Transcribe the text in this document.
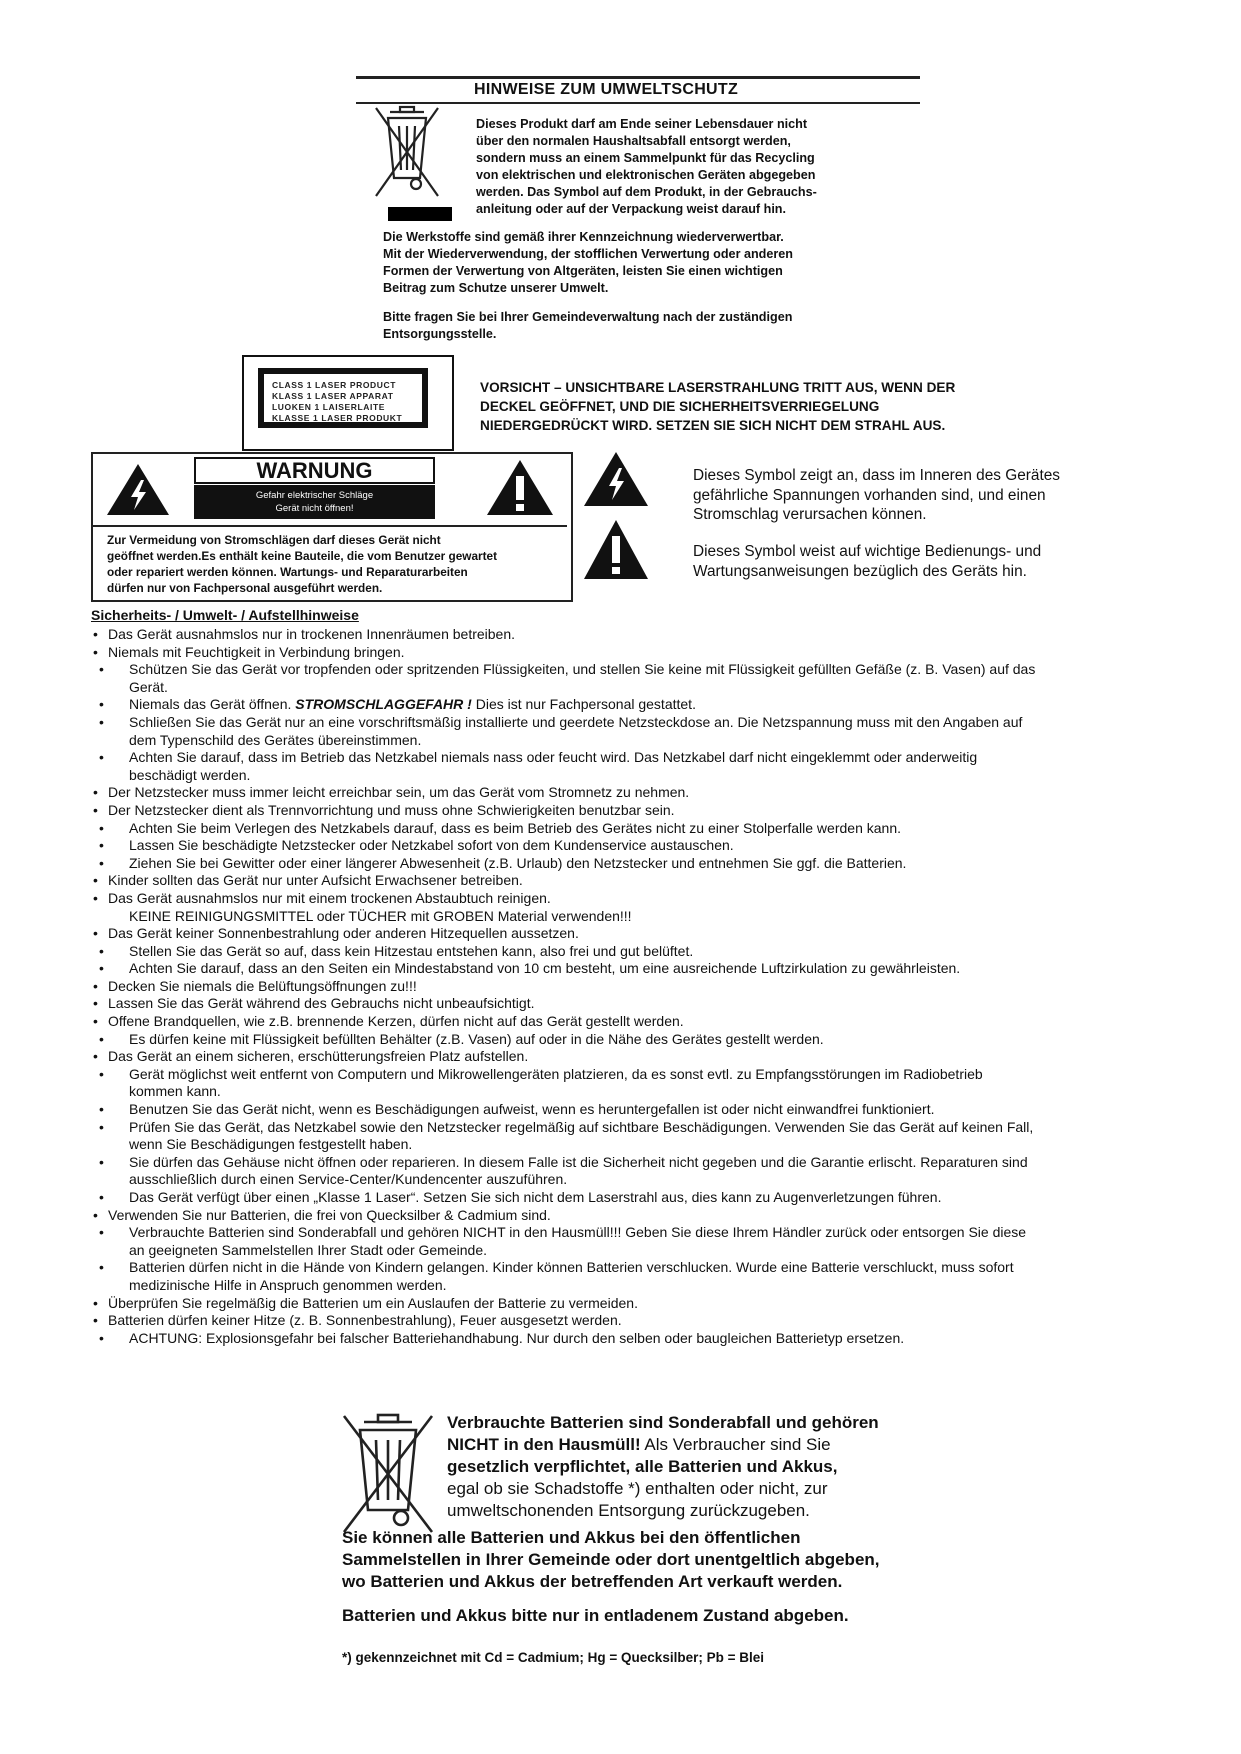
HINWEISE ZUM UMWELTSCHUTZ
Dieses Produkt darf am Ende seiner Lebensdauer nicht
über den normalen Haushaltsabfall entsorgt werden,
sondern muss an einem Sammelpunkt für das Recycling
von elektrischen und elektronischen Geräten abgegeben
werden. Das Symbol auf dem Produkt, in der Gebrauchs-
anleitung oder auf der Verpackung weist darauf hin.
Die Werkstoffe sind gemäß ihrer Kennzeichnung wiederverwertbar.
Mit der Wiederverwendung, der stofflichen Verwertung oder anderen
Formen der Verwertung von Altgeräten, leisten Sie einen wichtigen
Beitrag zum Schutze unserer Umwelt.
Bitte fragen Sie bei Ihrer Gemeindeverwaltung nach der zuständigen
Entsorgungsstelle.
CLASS 1 LASER PRODUCT
KLASS 1 LASER APPARAT
LUOKEN 1 LAISERLAITE
KLASSE 1 LASER PRODUKT
VORSICHT – UNSICHTBARE LASERSTRAHLUNG TRITT AUS, WENN DER
DECKEL GEÖFFNET, UND DIE SICHERHEITSVERRIEGELUNG
NIEDERGEDRÜCKT WIRD. SETZEN SIE SICH NICHT DEM STRAHL AUS.
WARNUNG
Gefahr elektrischer Schläge
Gerät nicht öffnen!
Zur Vermeidung von Stromschlägen darf dieses Gerät nicht
geöffnet werden.Es enthält keine Bauteile, die vom Benutzer gewartet
oder repariert werden können. Wartungs- und Reparaturarbeiten
dürfen nur von Fachpersonal ausgeführt werden.
Dieses Symbol zeigt an, dass im Inneren des Gerätes
gefährliche Spannungen vorhanden sind, und einen
Stromschlag verursachen können.
Dieses Symbol weist auf wichtige Bedienungs- und
Wartungsanweisungen bezüglich des Geräts hin.
Sicherheits- / Umwelt- / Aufstellhinweise
• Das Gerät ausnahmslos nur in trockenen Innenräumen betreiben.
• Niemals mit Feuchtigkeit in Verbindung bringen.
• Schützen Sie das Gerät vor tropfenden oder spritzenden Flüssigkeiten, und stellen Sie keine mit Flüssigkeit gefüllten Gefäße (z. B. Vasen) auf das
Gerät.
• Niemals das Gerät öffnen. STROMSCHLAGGEFAHR ! Dies ist nur Fachpersonal gestattet.
• Schließen Sie das Gerät nur an eine vorschriftsmäßig installierte und geerdete Netzsteckdose an. Die Netzspannung muss mit den Angaben auf
dem Typenschild des Gerätes übereinstimmen.
• Achten Sie darauf, dass im Betrieb das Netzkabel niemals nass oder feucht wird. Das Netzkabel darf nicht eingeklemmt oder anderweitig
beschädigt werden.
• Der Netzstecker muss immer leicht erreichbar sein, um das Gerät vom Stromnetz zu nehmen.
• Der Netzstecker dient als Trennvorrichtung und muss ohne Schwierigkeiten benutzbar sein.
• Achten Sie beim Verlegen des Netzkabels darauf, dass es beim Betrieb des Gerätes nicht zu einer Stolperfalle werden kann.
• Lassen Sie beschädigte Netzstecker oder Netzkabel sofort von dem Kundenservice austauschen.
• Ziehen Sie bei Gewitter oder einer längerer Abwesenheit (z.B. Urlaub) den Netzstecker und entnehmen Sie ggf. die Batterien.
• Kinder sollten das Gerät nur unter Aufsicht Erwachsener betreiben.
• Das Gerät ausnahmslos nur mit einem trockenen Abstaubtuch reinigen.
KEINE REINIGUNGSMITTEL oder TÜCHER mit GROBEN Material verwenden!!!
• Das Gerät keiner Sonnenbestrahlung oder anderen Hitzequellen aussetzen.
• Stellen Sie das Gerät so auf, dass kein Hitzestau entstehen kann, also frei und gut belüftet.
• Achten Sie darauf, dass an den Seiten ein Mindestabstand von 10 cm besteht, um eine ausreichende Luftzirkulation zu gewährleisten.
• Decken Sie niemals die Belüftungsöffnungen zu!!!
• Lassen Sie das Gerät während des Gebrauchs nicht unbeaufsichtigt.
• Offene Brandquellen, wie z.B. brennende Kerzen, dürfen nicht auf das Gerät gestellt werden.
• Es dürfen keine mit Flüssigkeit befüllten Behälter (z.B. Vasen) auf oder in die Nähe des Gerätes gestellt werden.
• Das Gerät an einem sicheren, erschütterungsfreien Platz aufstellen.
• Gerät möglichst weit entfernt von Computern und Mikrowellengeräten platzieren, da es sonst evtl. zu Empfangsstörungen im Radiobetrieb
kommen kann.
• Benutzen Sie das Gerät nicht, wenn es Beschädigungen aufweist, wenn es heruntergefallen ist oder nicht einwandfrei funktioniert.
• Prüfen Sie das Gerät, das Netzkabel sowie den Netzstecker regelmäßig auf sichtbare Beschädigungen. Verwenden Sie das Gerät auf keinen Fall,
wenn Sie Beschädigungen festgestellt haben.
• Sie dürfen das Gehäuse nicht öffnen oder reparieren. In diesem Falle ist die Sicherheit nicht gegeben und die Garantie erlischt. Reparaturen sind
ausschließlich durch einen Service-Center/Kundencenter auszuführen.
• Das Gerät verfügt über einen „Klasse 1 Laser“. Setzen Sie sich nicht dem Laserstrahl aus, dies kann zu Augenverletzungen führen.
• Verwenden Sie nur Batterien, die frei von Quecksilber & Cadmium sind.
• Verbrauchte Batterien sind Sonderabfall und gehören NICHT in den Hausmüll!!! Geben Sie diese Ihrem Händler zurück oder entsorgen Sie diese
an geeigneten Sammelstellen Ihrer Stadt oder Gemeinde.
• Batterien dürfen nicht in die Hände von Kindern gelangen. Kinder können Batterien verschlucken. Wurde eine Batterie verschluckt, muss sofort
medizinische Hilfe in Anspruch genommen werden.
• Überprüfen Sie regelmäßig die Batterien um ein Auslaufen der Batterie zu vermeiden.
• Batterien dürfen keiner Hitze (z. B. Sonnenbestrahlung), Feuer ausgesetzt werden.
• ACHTUNG: Explosionsgefahr bei falscher Batteriehandhabung. Nur durch den selben oder baugleichen Batterietyp ersetzen.
Verbrauchte Batterien sind Sonderabfall und gehören
NICHT in den Hausmüll! Als Verbraucher sind Sie
gesetzlich verpflichtet, alle Batterien und Akkus,
egal ob sie Schadstoffe *) enthalten oder nicht, zur
umweltschonenden Entsorgung zurückzugeben.
Sie können alle Batterien und Akkus bei den öffentlichen
Sammelstellen in Ihrer Gemeinde oder dort unentgeltlich abgeben,
wo Batterien und Akkus der betreffenden Art verkauft werden.
Batterien und Akkus bitte nur in entladenem Zustand abgeben.
*) gekennzeichnet mit Cd = Cadmium; Hg = Quecksilber; Pb = Blei
